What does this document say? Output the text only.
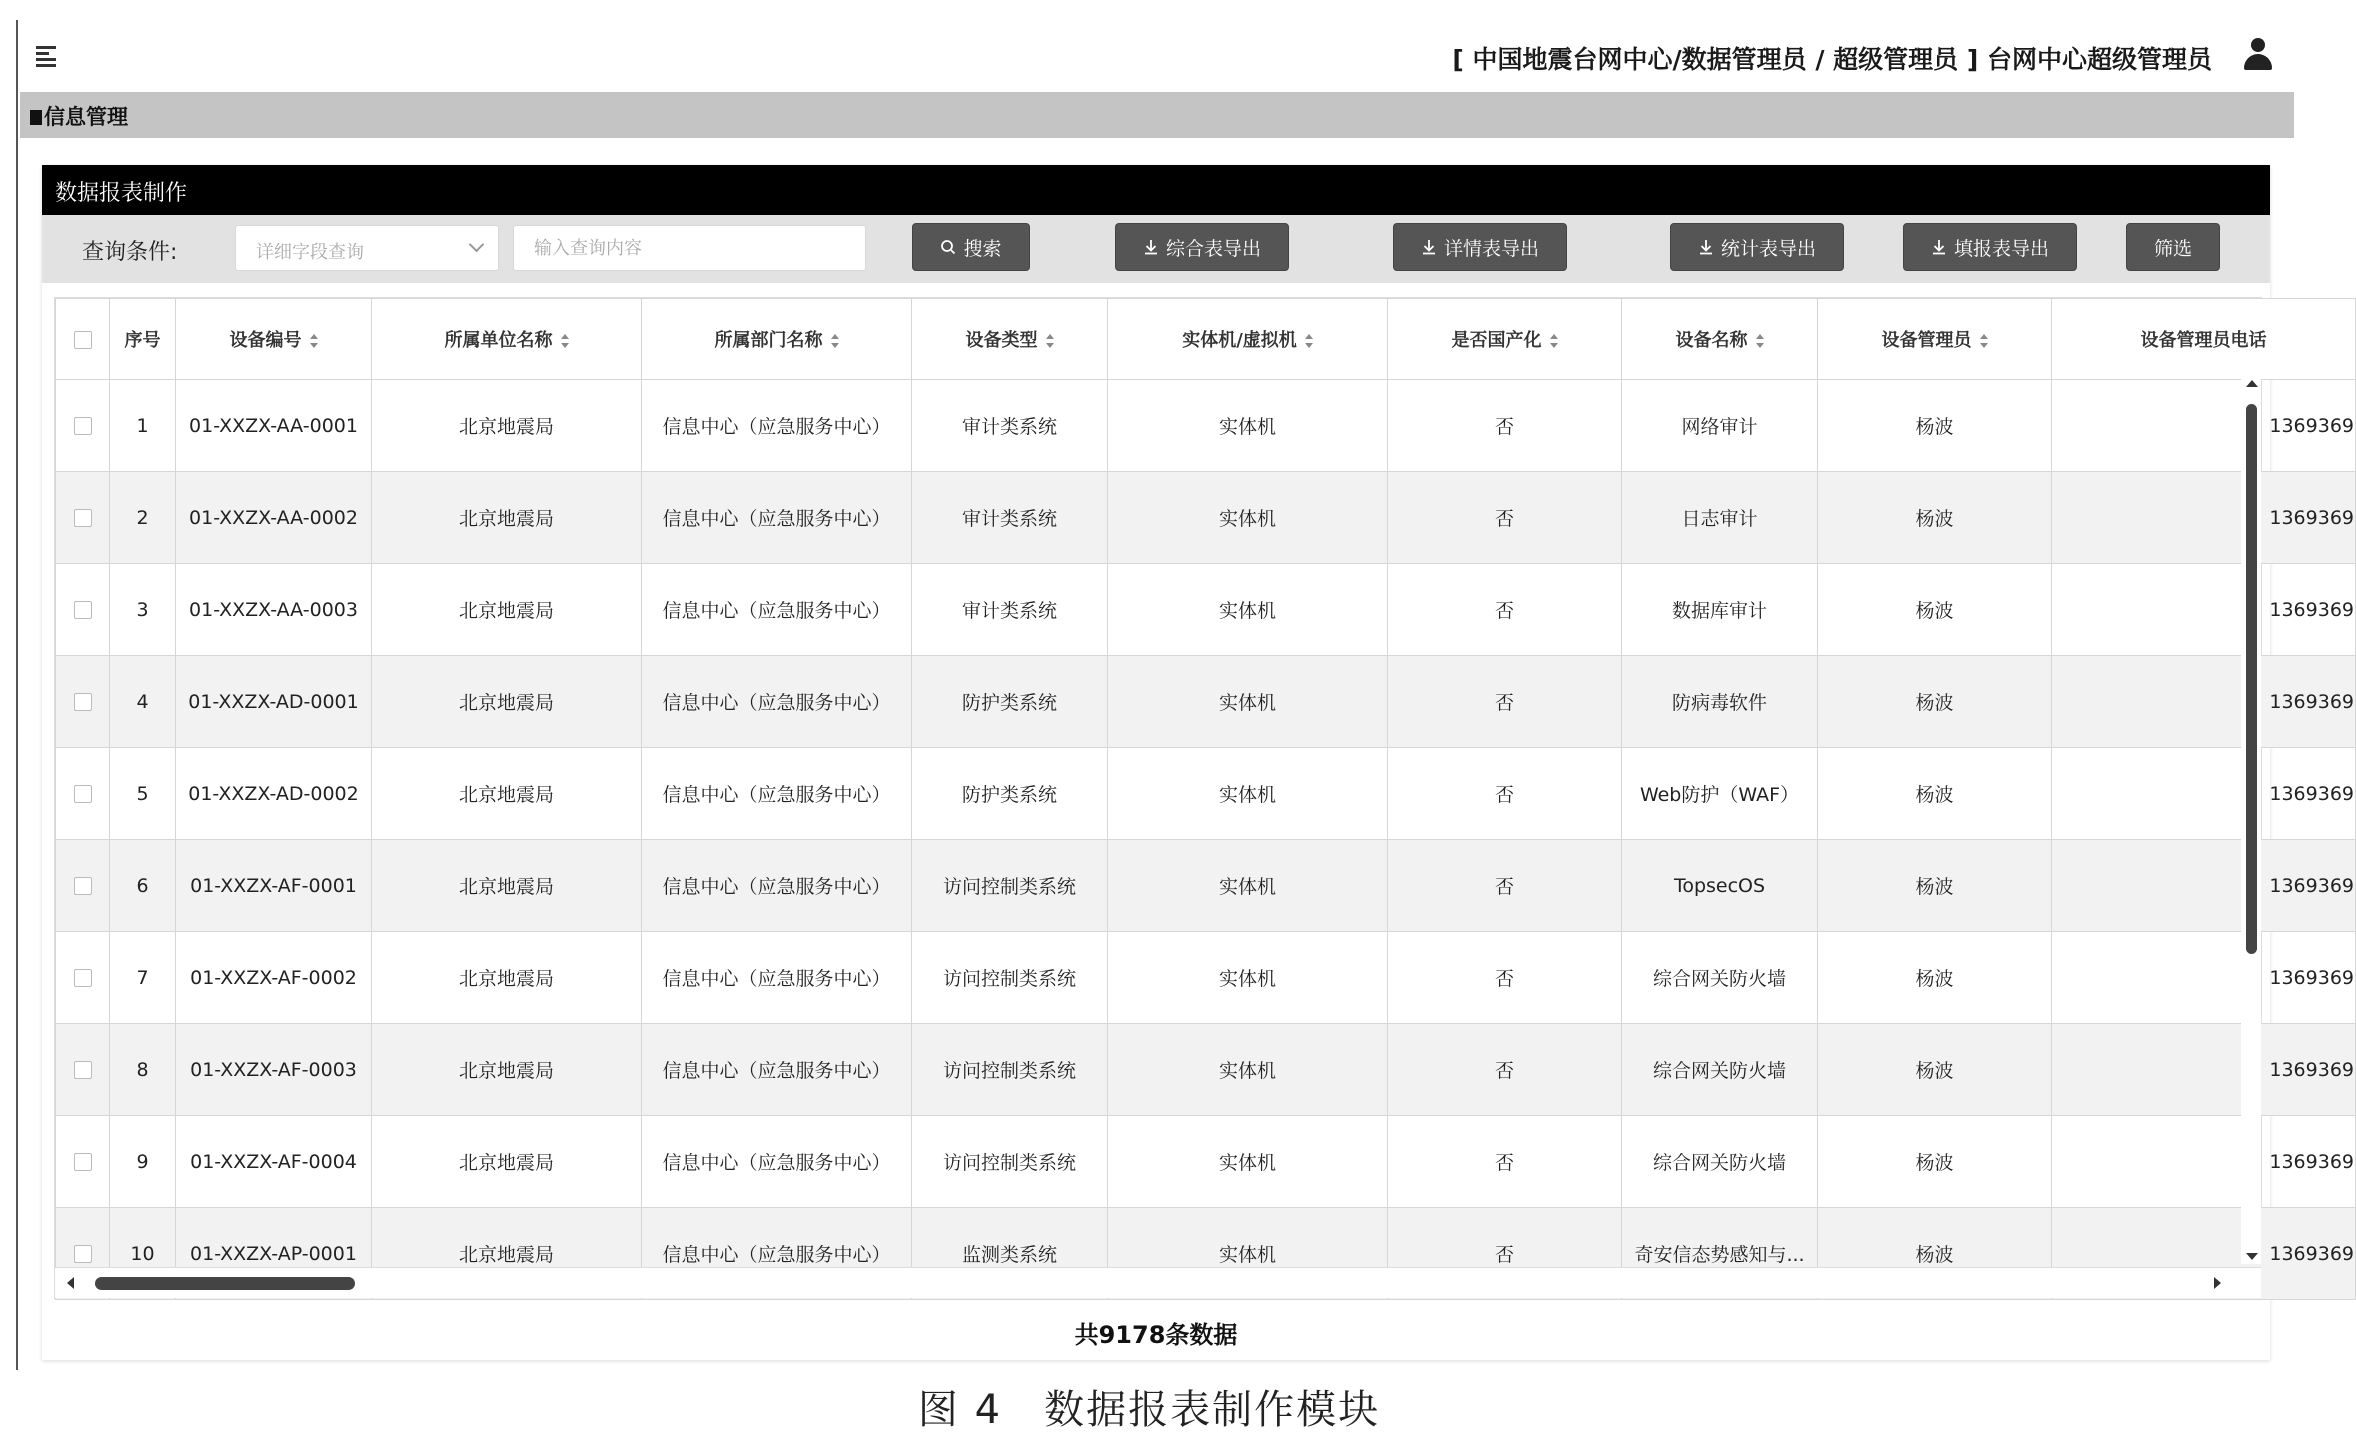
[ 中国地震台网中心/数据管理员 / 超级管理员 ] 台网中心超级管理员
信息管理
数据报表制作
查询条件:	详细字段查询
输入查询内容	搜索	综合表导出	详情表导出	统计表导出	填报表导出	筛选
	序号	设备编号	所属单位名称	所属部门名称	设备类型	实体机/虚拟机	是否国产化	设备名称	设备管理员	设备管理员电话
	1	01-XXZX-AA-0001	北京地震局	信息中心（应急服务中心）	审计类系统	实体机	否	网络审计	杨波	1369369
	2	01-XXZX-AA-0002	北京地震局	信息中心（应急服务中心）	审计类系统	实体机	否	日志审计	杨波	1369369
	3	01-XXZX-AA-0003	北京地震局	信息中心（应急服务中心）	审计类系统	实体机	否	数据库审计	杨波	1369369
	4	01-XXZX-AD-0001	北京地震局	信息中心（应急服务中心）	防护类系统	实体机	否	防病毒软件	杨波	1369369
	5	01-XXZX-AD-0002	北京地震局	信息中心（应急服务中心）	防护类系统	实体机	否	Web防护（WAF）	杨波	1369369
	6	01-XXZX-AF-0001	北京地震局	信息中心（应急服务中心）	访问控制类系统	实体机	否	TopsecOS	杨波	1369369
	7	01-XXZX-AF-0002	北京地震局	信息中心（应急服务中心）	访问控制类系统	实体机	否	综合网关防火墙	杨波	1369369
	8	01-XXZX-AF-0003	北京地震局	信息中心（应急服务中心）	访问控制类系统	实体机	否	综合网关防火墙	杨波	1369369
	9	01-XXZX-AF-0004	北京地震局	信息中心（应急服务中心）	访问控制类系统	实体机	否	综合网关防火墙	杨波	1369369
	10	01-XXZX-AP-0001	北京地震局	信息中心（应急服务中心）	监测类系统	实体机	否	奇安信态势感知与...	杨波	1369369
共9178条数据
图 4　数据报表制作模块
